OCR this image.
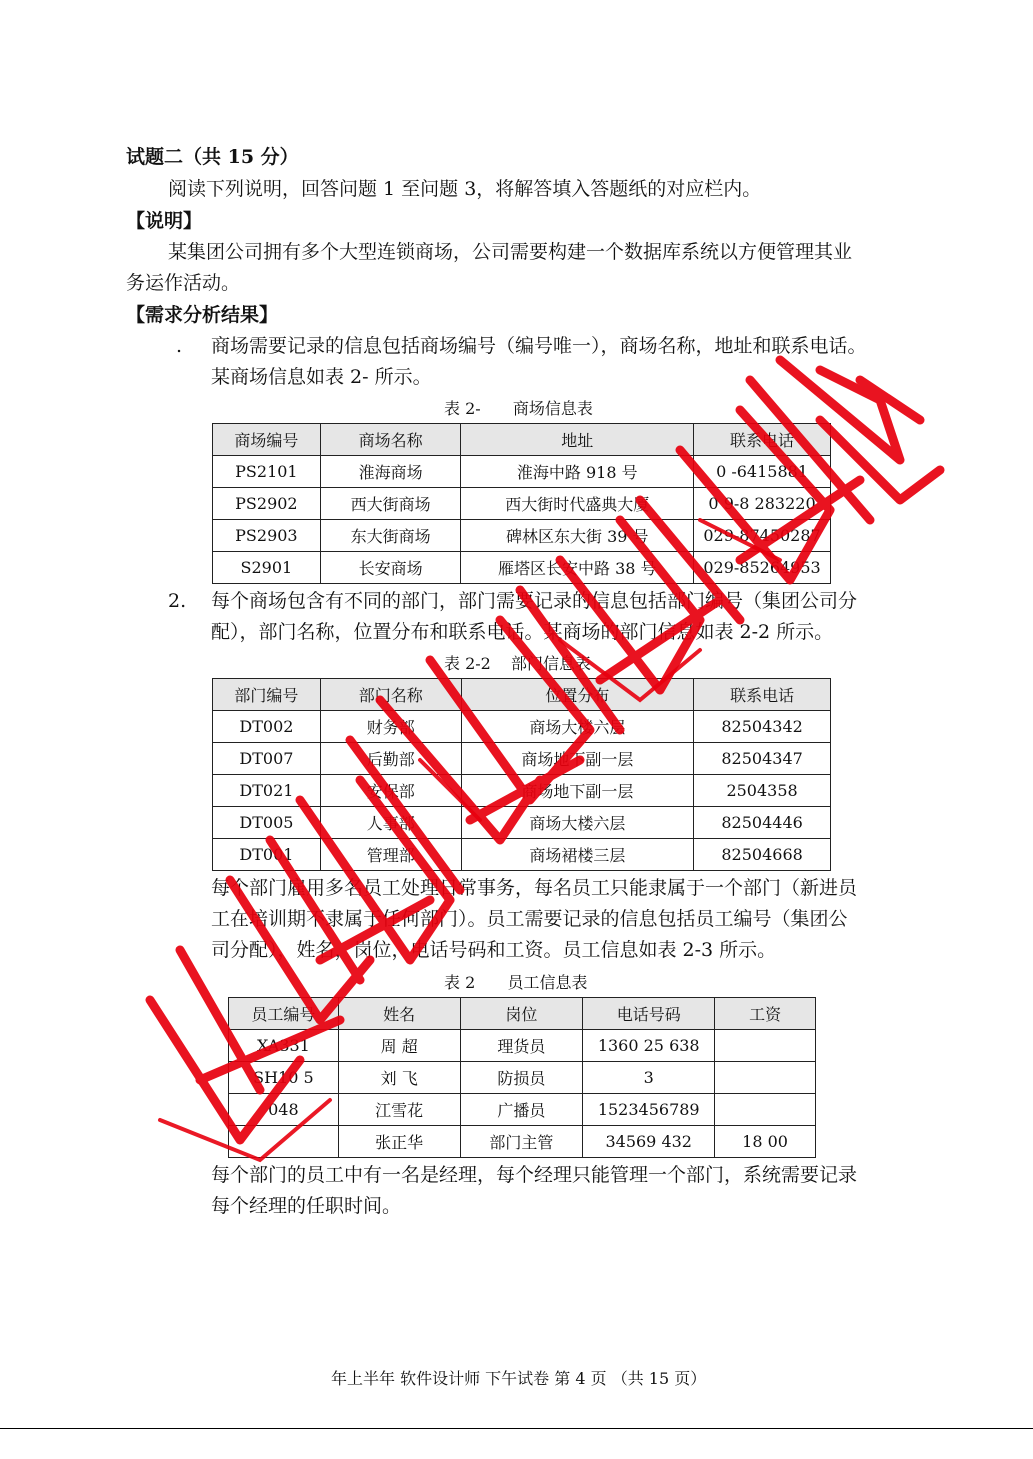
试题二（共 15 分）
阅读下列说明，回答问题 1 至问题 3，将解答填入答题纸的对应栏内。
【说明】
某集团公司拥有多个大型连锁商场，公司需要构建一个数据库系统以方便管理其业
务运作活动。
【需求分析结果】
. 商场需要记录的信息包括商场编号（编号唯一），商场名称，地址和联系电话。
某商场信息如表 2- 所示。
表 2- 商场信息表
商场编号	商场名称	地址	联系电话
PS2101	淮海商场	淮海中路 918 号	0 -6415881
PS2902	西大街商场	西大街时代盛典大厦	0 9-8 283220
PS2903	东大街商场	碑林区东大街 39 号	029-87450287
S2901	长安商场	雁塔区长安中路 38 号	029-85264953
2. 每个商场包含有不同的部门，部门需要记录的信息包括部门编号（集团公司分
配），部门名称，位置分布和联系电话。某商场的部门信息如表 2-2 所示。
表 2-2 部门信息表
部门编号	部门名称	位置分布	联系电话
DT002	财务部	商场大楼六层	82504342
DT007	后勤部	商场地下副一层	82504347
DT021	安保部	商场地下副一层	2504358
DT005	人事部	商场大楼六层	82504446
DT001	管理部	商场裙楼三层	82504668
每个部门雇用多名员工处理日常事务，每名员工只能隶属于一个部门（新进员
工在培训期不隶属于任何部门）。员工需要记录的信息包括员工编号（集团公
司分配），姓名，岗位，电话号码和工资。员工信息如表 2-3 所示。
表 2 员工信息表
员工编号	姓名	岗位	电话号码	工资
XA331	周 超	理货员	1360 25 638	
SH10 5	刘 飞	防损员	3	
048	江雪花	广播员	1523456789	
	张正华	部门主管	34569 432	18 00
每个部门的员工中有一名是经理，每个经理只能管理一个部门，系统需要记录
每个经理的任职时间。
年上半年 软件设计师 下午试卷 第 4 页 （共 15 页）
